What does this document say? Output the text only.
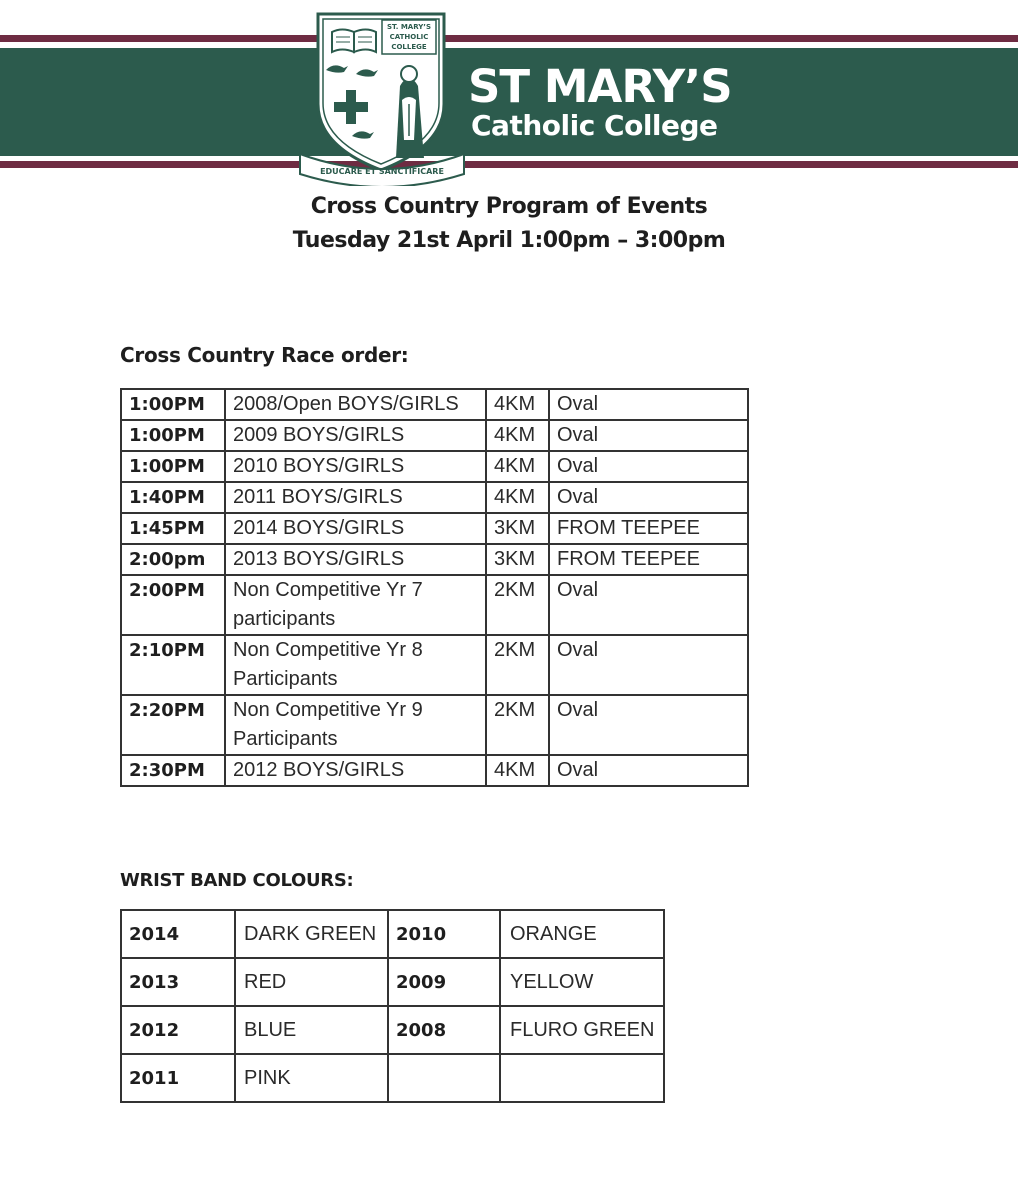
ST. MARY’S
CATHOLIC
COLLEGE
EDUCARE ET SANCTIFICARE
ST MARY’S
Catholic College
Cross Country Program of Events
Tuesday 21st April 1:00pm – 3:00pm
Cross Country Race order:
1:00PM	2008/Open BOYS/GIRLS	4KM	Oval
1:00PM	2009 BOYS/GIRLS	4KM	Oval
1:00PM	2010 BOYS/GIRLS	4KM	Oval
1:40PM	2011 BOYS/GIRLS	4KM	Oval
1:45PM	2014 BOYS/GIRLS	3KM	FROM TEEPEE
2:00pm	2013 BOYS/GIRLS	3KM	FROM TEEPEE
2:00PM	Non Competitive Yr 7 participants	2KM	Oval
2:10PM	Non Competitive Yr 8 Participants	2KM	Oval
2:20PM	Non Competitive Yr 9 Participants	2KM	Oval
2:30PM	2012 BOYS/GIRLS	4KM	Oval
WRIST BAND COLOURS:
2014	DARK GREEN	2010	ORANGE
2013	RED	2009	YELLOW
2012	BLUE	2008	FLURO GREEN
2011	PINK		
